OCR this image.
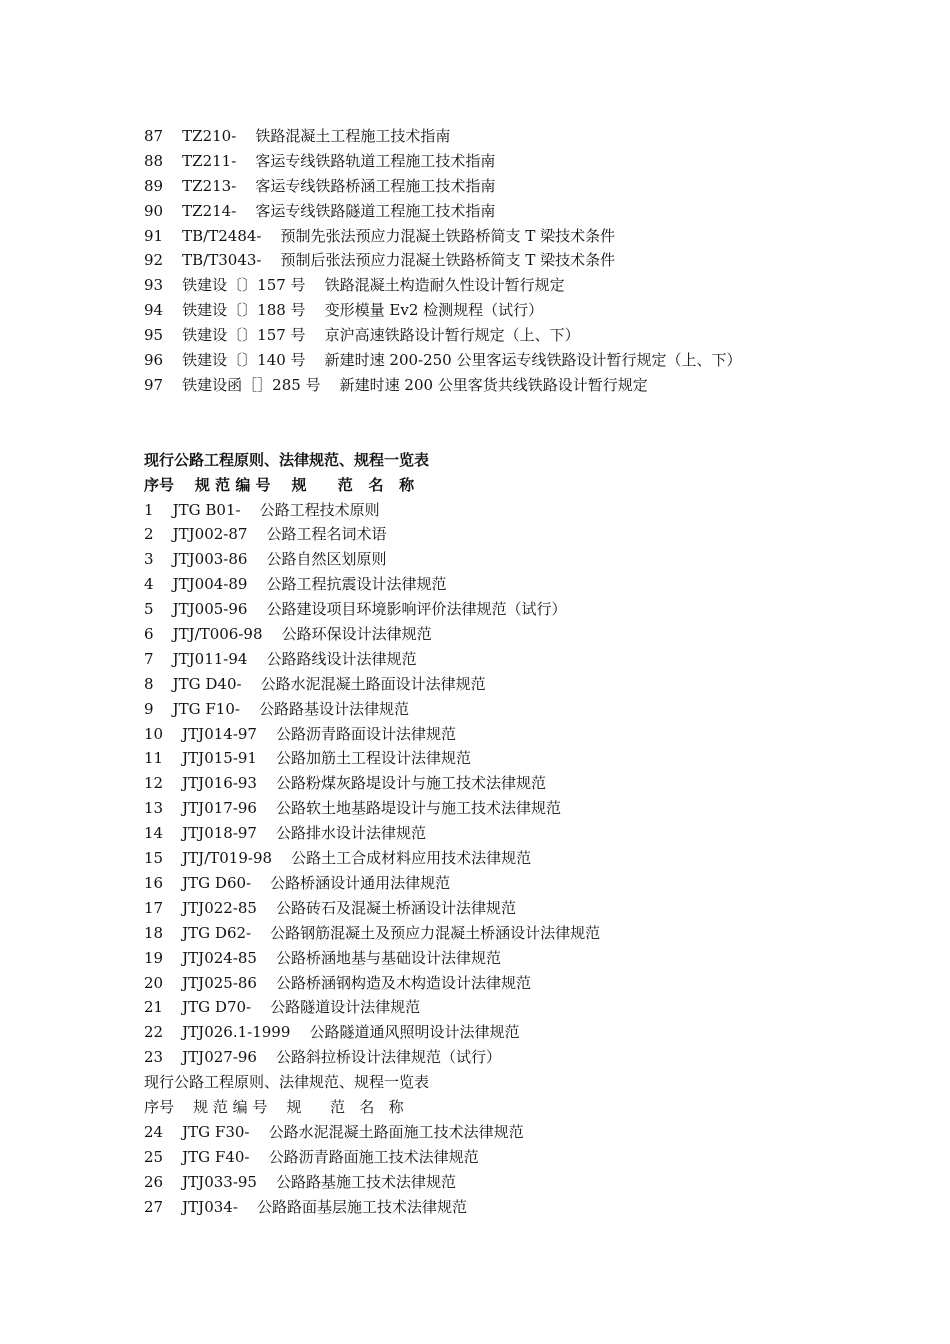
87    TZ210-    铁路混凝土工程施工技术指南
88    TZ211-    客运专线铁路轨道工程施工技术指南
89    TZ213-    客运专线铁路桥涵工程施工技术指南
90    TZ214-    客运专线铁路隧道工程施工技术指南
91    TB/T2484-    预制先张法预应力混凝土铁路桥简支 T 梁技术条件
92    TB/T3043-    预制后张法预应力混凝土铁路桥简支 T 梁技术条件
93    铁建设〔〕157 号    铁路混凝土构造耐久性设计暂行规定
94    铁建设〔〕188 号    变形模量 Ev2 检测规程（试行）
95    铁建设〔〕157 号    京沪高速铁路设计暂行规定（上、下）
96    铁建设〔〕140 号    新建时速 200-250 公里客运专线铁路设计暂行规定（上、下）
97    铁建设函［］285 号    新建时速 200 公里客货共线铁路设计暂行规定
现行公路工程原则、法律规范、规程一览表
序号    规 范 编 号    规      范   名   称
1    JTG B01-    公路工程技术原则
2    JTJ002-87    公路工程名词术语
3    JTJ003-86    公路自然区划原则
4    JTJ004-89    公路工程抗震设计法律规范
5    JTJ005-96    公路建设项目环境影响评价法律规范（试行）
6    JTJ/T006-98    公路环保设计法律规范
7    JTJ011-94    公路路线设计法律规范
8    JTG D40-    公路水泥混凝土路面设计法律规范
9    JTG F10-    公路路基设计法律规范
10    JTJ014-97    公路沥青路面设计法律规范
11    JTJ015-91    公路加筋土工程设计法律规范
12    JTJ016-93    公路粉煤灰路堤设计与施工技术法律规范
13    JTJ017-96    公路软土地基路堤设计与施工技术法律规范
14    JTJ018-97    公路排水设计法律规范
15    JTJ/T019-98    公路土工合成材料应用技术法律规范
16    JTG D60-    公路桥涵设计通用法律规范
17    JTJ022-85    公路砖石及混凝土桥涵设计法律规范
18    JTG D62-    公路钢筋混凝土及预应力混凝土桥涵设计法律规范
19    JTJ024-85    公路桥涵地基与基础设计法律规范
20    JTJ025-86    公路桥涵钢构造及木构造设计法律规范
21    JTG D70-    公路隧道设计法律规范
22    JTJ026.1-1999    公路隧道通风照明设计法律规范
23    JTJ027-96    公路斜拉桥设计法律规范（试行）
现行公路工程原则、法律规范、规程一览表
序号    规 范 编 号    规      范   名   称
24    JTG F30-    公路水泥混凝土路面施工技术法律规范
25    JTG F40-    公路沥青路面施工技术法律规范
26    JTJ033-95    公路路基施工技术法律规范
27    JTJ034-    公路路面基层施工技术法律规范
